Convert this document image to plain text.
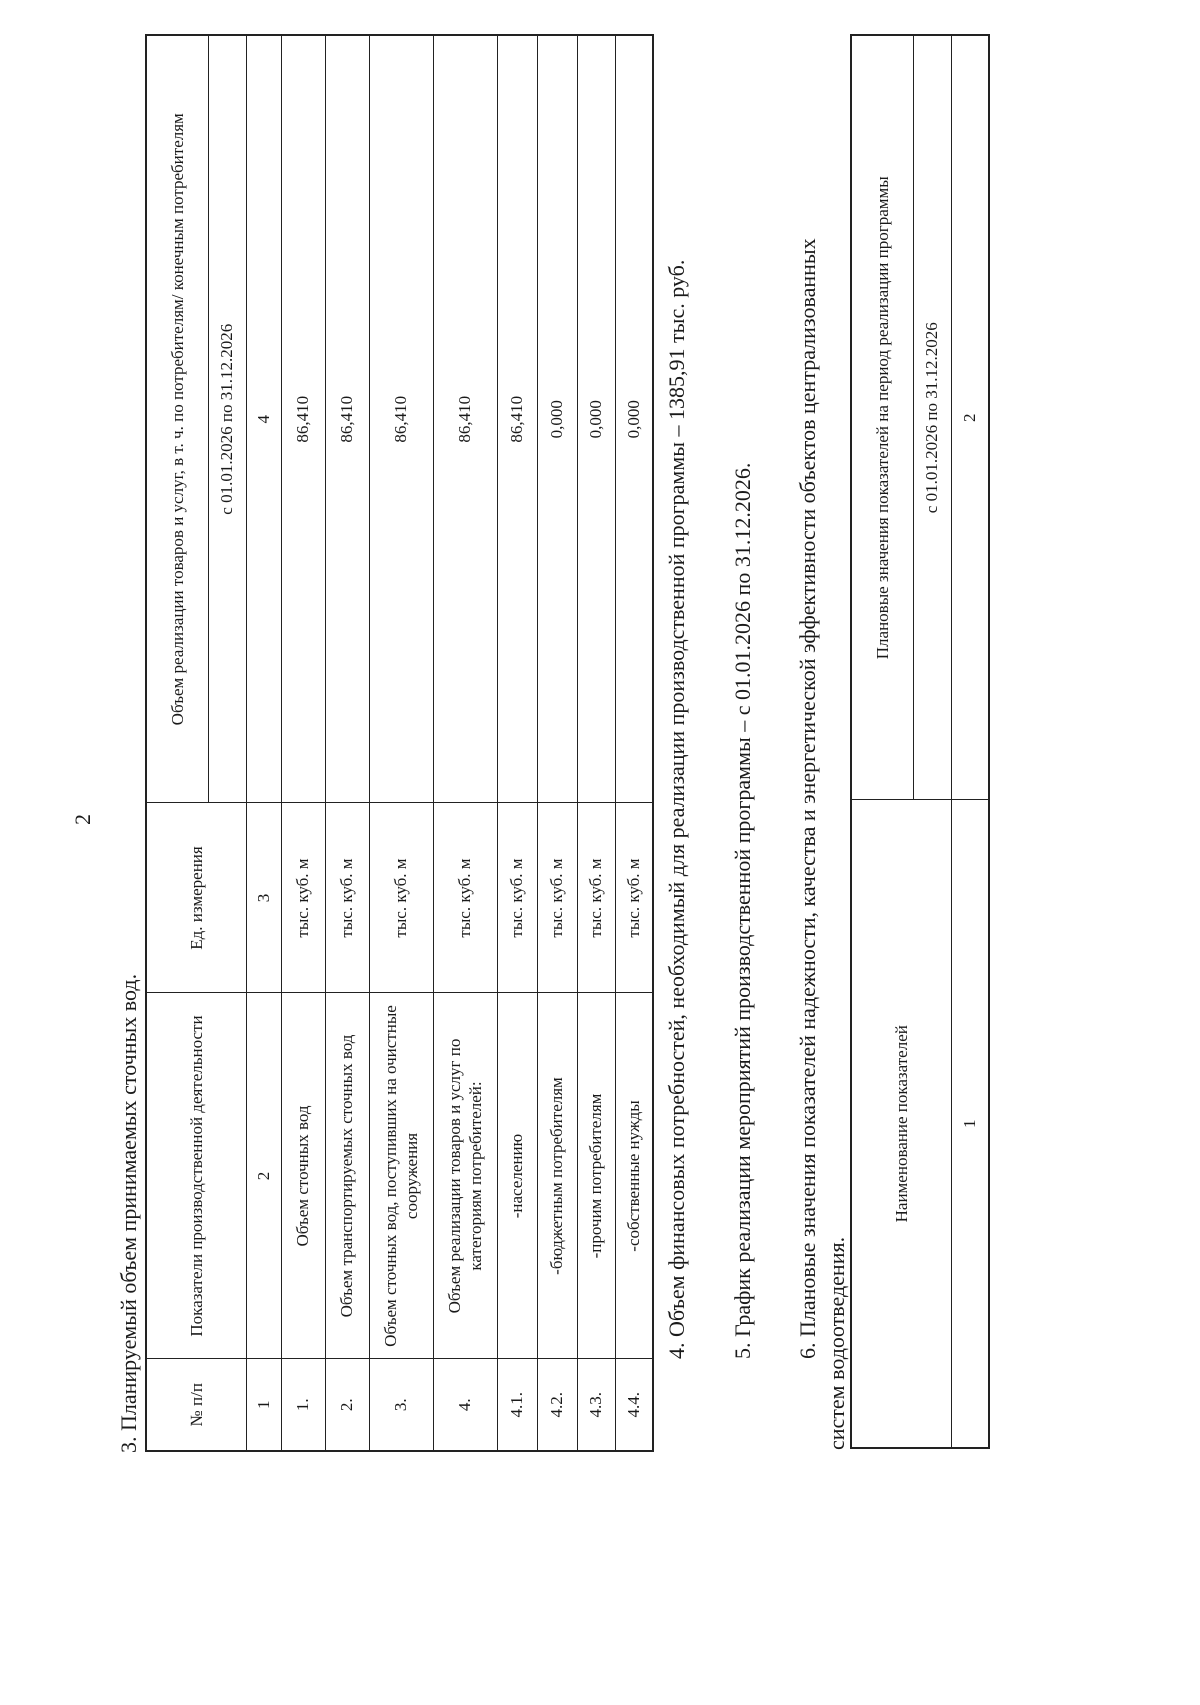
2
3. Планируемый объем принимаемых сточных вод.	№ п/п	Показатели производственной деятельности	Ед. измерения	Объем реализации товаров и услуг, в т. ч. по потребителям/ конечным потребителям
			с 01.01.2026 по 31.12.2026
1	2	3	4
1.	Объем сточных вод	тыс. куб. м	86,410
2.	Объем транспортируемых сточных вод	тыс. куб. м	86,410
3.	Объем сточных вод, поступивших на очистные сооружения	тыс. куб. м	86,410
4.	Объем реализации товаров и услуг по категориям потребителей:	тыс. куб. м	86,410
4.1.	-населению	тыс. куб. м	86,410
4.2.	-бюджетным потребителям	тыс. куб. м	0,000
4.3.	-прочим потребителям	тыс. куб. м	0,000
4.4.	-собственные нужды	тыс. куб. м	0,000 4. Объем финансовых потребностей, необходимый для реализации производственной программы – 1385,91 тыс. руб. 5. График реализации мероприятий производственной программы – с 01.01.2026 по 31.12.2026. 6. Плановые значения показателей надежности, качества и энергетической эффективности объектов централизованных систем водоотведения.
Наименование показателей	Плановые значения показателей на период реализации программы
	с 01.01.2026 по 31.12.2026
1	2
